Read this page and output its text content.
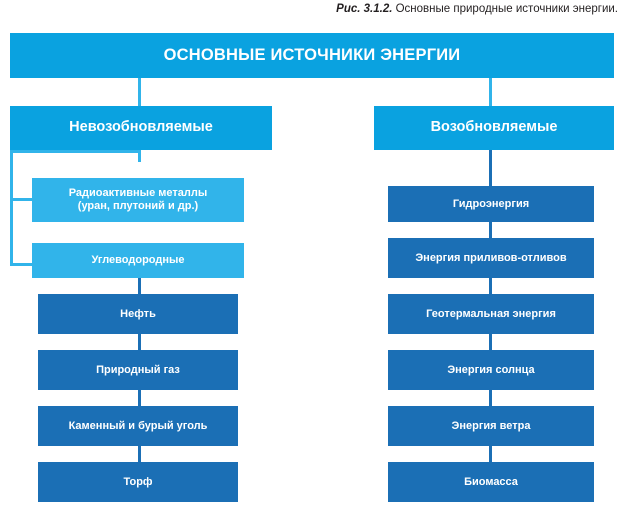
Рис. 3.1.2. Основные природные источники энергии.
ОСНОВНЫЕ ИСТОЧНИКИ ЭНЕРГИИ
Невозобновляемые	Возобновляемые
Радиоактивные металлы
(уран, плутоний и др.)
Углеводородные
Нефть
Природный газ
Каменный и бурый уголь
Торф
Гидроэнергия
Энергия приливов-отливов
Геотермальная энергия
Энергия солнца
Энергия ветра
Биомасса
